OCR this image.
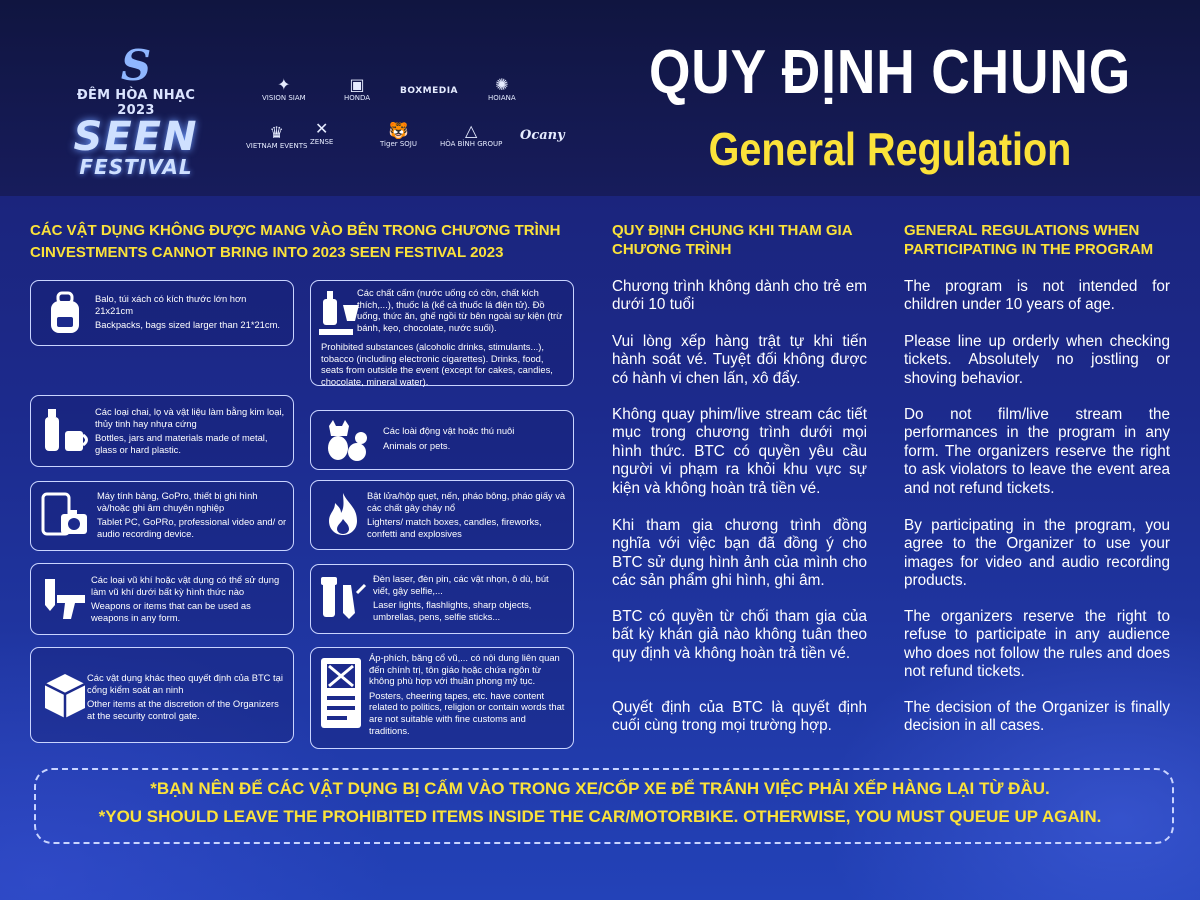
S
ĐÊM HÒA NHẠC 2023
SEEN
FESTIVAL
✦
VISION SIAM
▣
HONDA
BOXMEDIA	✺
HOIANA
♛
VIETNAM EVENTS
✕
ZENSE
🐯
Tiger SOJU
△
HÒA BÌNH GROUP
Ocany
QUY ĐỊNH CHUNG
General Regulation
CÁC VẬT DỤNG KHÔNG ĐƯỢC MANG VÀO BÊN TRONG CHƯƠNG TRÌNH
CINVESTMENTS CANNOT BRING INTO 2023 SEEN FESTIVAL 2023
Balo, túi xách có kích thước lớn hơn 21x21cm
Backpacks, bags sized larger than 21*21cm.
Các loại chai, lọ và vật liệu làm bằng kim loại, thủy tinh hay nhựa cứng
Bottles, jars and materials made of metal, glass or hard plastic.
Máy tính bảng, GoPro, thiết bị ghi hình và/hoặc ghi âm chuyên nghiệp
Tablet PC, GoPRo, professional video and/ or audio recording device.
Các loại vũ khí hoặc vật dụng có thể sử dụng làm vũ khí dưới bất kỳ hình thức nào
Weapons or items that can be used as weapons in any form.
Các vật dụng khác theo quyết định của BTC tại cổng kiểm soát an ninh
Other items at the discretion of the Organizers at the security control gate.
Các chất cấm (nước uống có cồn, chất kích thích,...), thuốc lá (kể cả thuốc lá điện tử). Đồ uống, thức ăn, ghế ngồi từ bên ngoài sự kiện (trừ bánh, kẹo, chocolate, nước suối).
Prohibited substances (alcoholic drinks, stimulants...), tobacco (including electronic cigarettes). Drinks, food, seats from outside the event (except for cakes, candies, chocolate, mineral water).
Các loài động vật hoặc thú nuôi
Animals or pets.
Bật lửa/hộp quẹt, nến, pháo bông, pháo giấy và các chất gây cháy nổ
Lighters/ match boxes, candles, fireworks, confetti and explosives
Đèn laser, đèn pin, các vật nhọn, ô dù, bút viết, gậy selfie,...
Laser lights, flashlights, sharp objects, umbrellas, pens, selfie sticks...
Áp-phích, băng cổ vũ,... có nội dung liên quan đến chính trị, tôn giáo hoặc chứa ngôn từ không phù hợp với thuần phong mỹ tục.
Posters, cheering tapes, etc. have content related to politics, religion or contain words that are not suitable with fine customs and traditions.
QUY ĐỊNH CHUNG KHI THAM GIA CHƯƠNG TRÌNH
Chương trình không dành cho trẻ em dưới 10 tuổi
Vui lòng xếp hàng trật tự khi tiến hành soát vé. Tuyệt đối không được có hành vi chen lấn, xô đẩy.
Không quay phim/live stream các tiết mục trong chương trình dưới mọi hình thức. BTC có quyền yêu cầu người vi phạm ra khỏi khu vực sự kiện và không hoàn trả tiền vé.
Khi tham gia chương trình đồng nghĩa với việc bạn đã đồng ý cho BTC sử dụng hình ảnh của mình cho các sản phẩm ghi hình, ghi âm.
BTC có quyền từ chối tham gia của bất kỳ khán giả nào không tuân theo quy định và không hoàn trả tiền vé.
Quyết định của BTC là quyết định cuối cùng trong mọi trường hợp.
GENERAL REGULATIONS WHEN PARTICIPATING IN THE PROGRAM
The program is not intended for children under 10 years of age.
Please line up orderly when checking tickets. Absolutely no jostling or shoving behavior.
Do not film/live stream the performances in the program in any form. The organizers reserve the right to ask violators to leave the event area and not refund tickets.
By participating in the program, you agree to the Organizer to use your images for video and audio recording products.
The organizers reserve the right to refuse to participate in any audience who does not follow the rules and does not refund tickets.
The decision of the Organizer is finally decision in all cases.
*BẠN NÊN ĐỂ CÁC VẬT DỤNG BỊ CẤM VÀO TRONG XE/CỐP XE ĐỂ TRÁNH VIỆC PHẢI XẾP HÀNG LẠI TỪ ĐẦU.
*YOU SHOULD LEAVE THE PROHIBITED ITEMS INSIDE THE CAR/MOTORBIKE. OTHERWISE, YOU MUST QUEUE UP AGAIN.
